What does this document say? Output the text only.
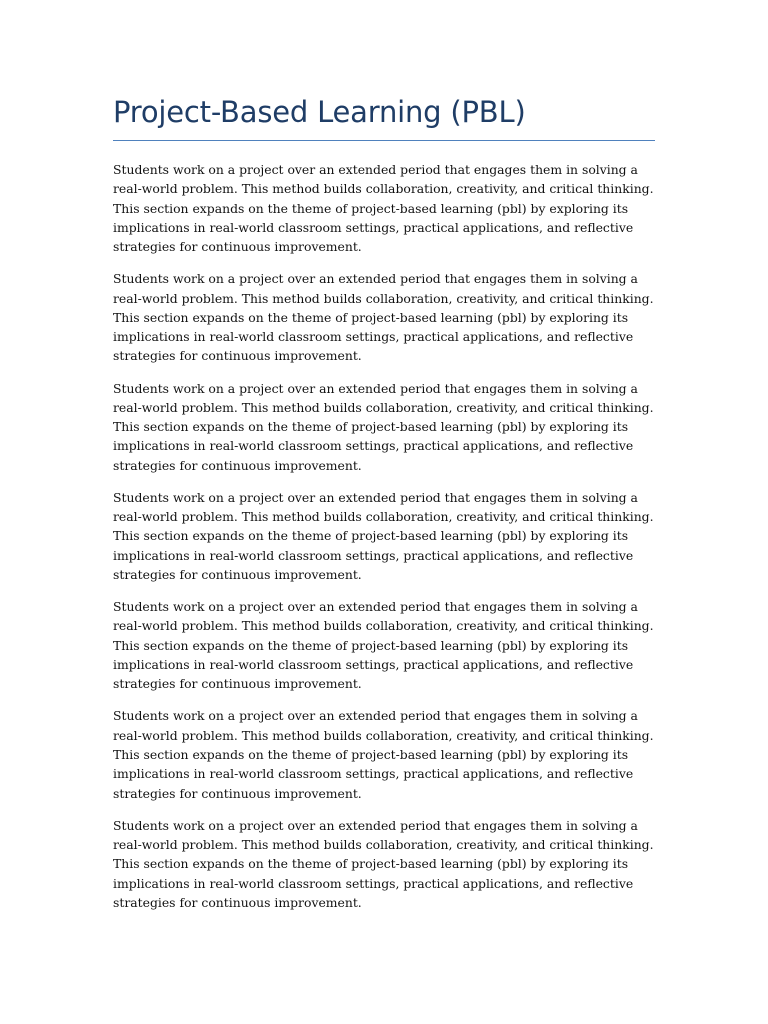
Project-Based Learning (PBL)

Students work on a project over an extended period that engages them in solving a real-world problem. This method builds collaboration, creativity, and critical thinking. This section expands on the theme of project-based learning (pbl) by exploring its implications in real-world classroom settings, practical applications, and reflective strategies for continuous improvement.

Students work on a project over an extended period that engages them in solving a real-world problem. This method builds collaboration, creativity, and critical thinking. This section expands on the theme of project-based learning (pbl) by exploring its implications in real-world classroom settings, practical applications, and reflective strategies for continuous improvement.

Students work on a project over an extended period that engages them in solving a real-world problem. This method builds collaboration, creativity, and critical thinking. This section expands on the theme of project-based learning (pbl) by exploring its implications in real-world classroom settings, practical applications, and reflective strategies for continuous improvement.

Students work on a project over an extended period that engages them in solving a real-world problem. This method builds collaboration, creativity, and critical thinking. This section expands on the theme of project-based learning (pbl) by exploring its implications in real-world classroom settings, practical applications, and reflective strategies for continuous improvement.

Students work on a project over an extended period that engages them in solving a real-world problem. This method builds collaboration, creativity, and critical thinking. This section expands on the theme of project-based learning (pbl) by exploring its implications in real-world classroom settings, practical applications, and reflective strategies for continuous improvement.

Students work on a project over an extended period that engages them in solving a real-world problem. This method builds collaboration, creativity, and critical thinking. This section expands on the theme of project-based learning (pbl) by exploring its implications in real-world classroom settings, practical applications, and reflective strategies for continuous improvement.

Students work on a project over an extended period that engages them in solving a real-world problem. This method builds collaboration, creativity, and critical thinking. This section expands on the theme of project-based learning (pbl) by exploring its implications in real-world classroom settings, practical applications, and reflective strategies for continuous improvement.
